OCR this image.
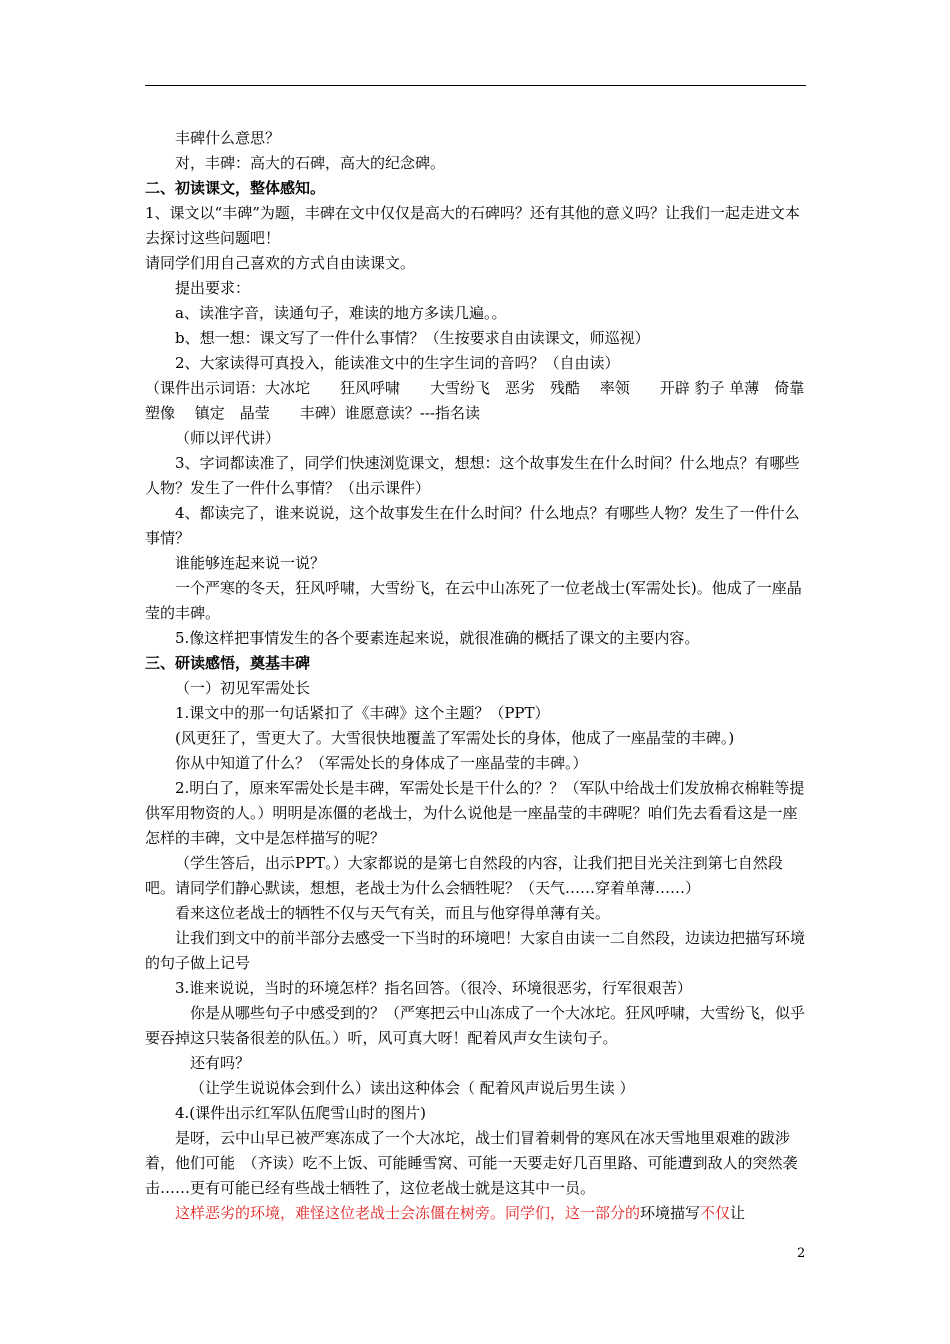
丰碑什么意思？

对，丰碑：高大的石碑，高大的纪念碑。

二、初读课文，整体感知。

1、课文以“丰碑”为题，丰碑在文中仅仅是高大的石碑吗？还有其他的意义吗？让我们一起走进文本去探讨这些问题吧！

请同学们用自己喜欢的方式自由读课文。

提出要求：

a、读准字音，读通句子，难读的地方多读几遍。。

b、想一想：课文写了一件什么事情？（生按要求自由读课文，师巡视）

2、大家读得可真投入，能读准文中的生字生词的音吗？（自由读）

（课件出示词语：大冰坨　　狂风呼啸　　大雪纷飞　恶劣　残酷　 率领　　开辟 豹子 单薄　倚靠　塑像　 镇定　晶莹　　丰碑）谁愿意读？---指名读

（师以评代讲）

3、字词都读准了，同学们快速浏览课文，想想：这个故事发生在什么时间？什么地点？有哪些人物？发生了一件什么事情？（出示课件）

4、都读完了，谁来说说，这个故事发生在什么时间？什么地点？有哪些人物？发生了一件什么事情？

谁能够连起来说一说？

一个严寒的冬天，狂风呼啸，大雪纷飞，在云中山冻死了一位老战士(军需处长)。他成了一座晶莹的丰碑。

5.像这样把事情发生的各个要素连起来说，就很准确的概括了课文的主要内容。

三、研读感悟，奠基丰碑

（一）初见军需处长

1.课文中的那一句话紧扣了《丰碑》这个主题？（PPT）

(风更狂了，雪更大了。大雪很快地覆盖了军需处长的身体，他成了一座晶莹的丰碑。)

你从中知道了什么？（军需处长的身体成了一座晶莹的丰碑。）

2.明白了，原来军需处长是丰碑，军需处长是干什么的？？（军队中给战士们发放棉衣棉鞋等提供军用物资的人。）明明是冻僵的老战士，为什么说他是一座晶莹的丰碑呢？咱们先去看看这是一座怎样的丰碑，文中是怎样描写的呢？

（学生答后，出示PPT。）大家都说的是第七自然段的内容，让我们把目光关注到第七自然段吧。请同学们静心默读，想想，老战士为什么会牺牲呢？（天气……穿着单薄……）

看来这位老战士的牺牲不仅与天气有关，而且与他穿得单薄有关。

让我们到文中的前半部分去感受一下当时的环境吧！大家自由读一二自然段，边读边把描写环境的句子做上记号

3.谁来说说，当时的环境怎样？指名回答。（很冷、环境很恶劣，行军很艰苦）

你是从哪些句子中感受到的？（严寒把云中山冻成了一个大冰坨。狂风呼啸，大雪纷飞，似乎要吞掉这只装备很差的队伍。）听，风可真大呀！配着风声女生读句子。

还有吗？

（让学生说说体会到什么）读出这种体会（ 配着风声说后男生读 ）

4.(课件出示红军队伍爬雪山时的图片)

是呀，云中山早已被严寒冻成了一个大冰坨，战士们冒着刺骨的寒风在冰天雪地里艰难的跋涉着，他们可能　（齐读）吃不上饭、可能睡雪窝、可能一天要走好几百里路、可能遭到敌人的突然袭击……更有可能已经有些战士牺牲了，这位老战士就是这其中一员。

这样恶劣的环境，难怪这位老战士会冻僵在树旁。同学们，这一部分的环境描写不仅让

2
